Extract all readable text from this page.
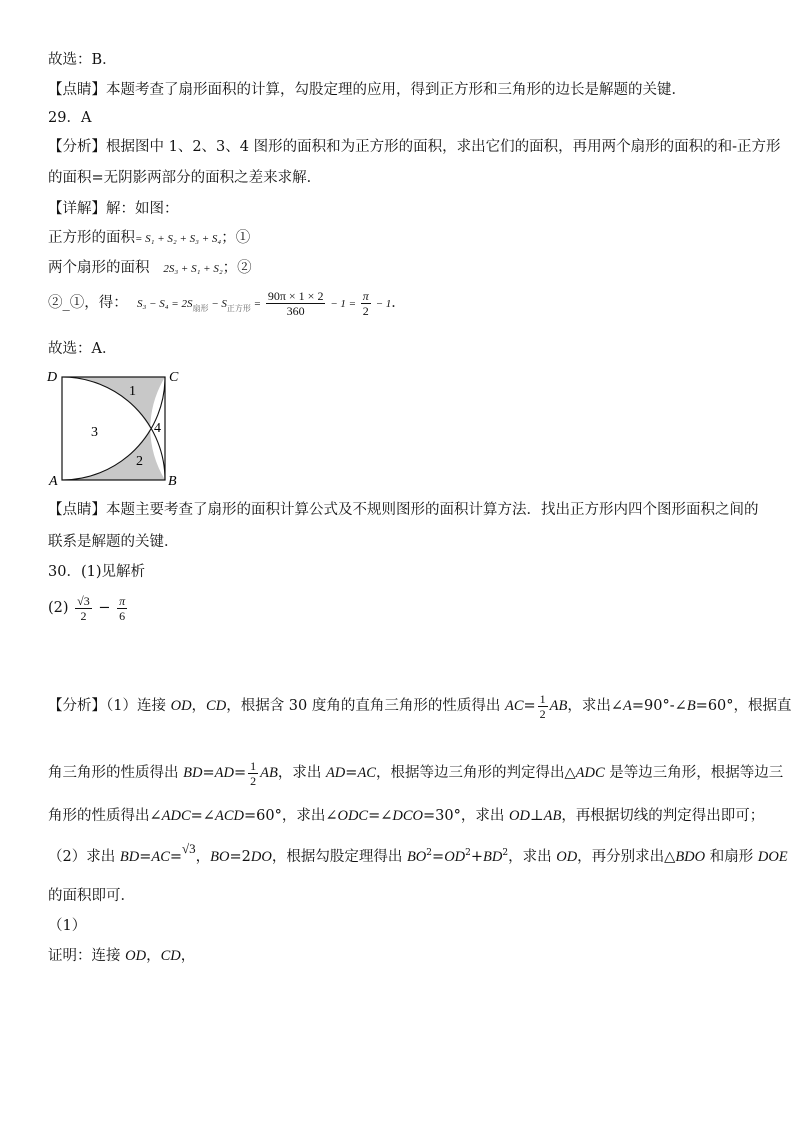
故选：B．
【点睛】本题考查了扇形面积的计算，勾股定理的应用，得到正方形和三角形的边长是解题的关键．
29．A
【分析】根据图中 1、2、3、4 图形的面积和为正方形的面积，求出它们的面积，再用两个扇形的面积的和-正方形
的面积=无阴影两部分的面积之差来求解．
【详解】解：如图：
正方形的面积= S₁ + S₂ + S₃ + S₄；①
两个扇形的面积 2S₃ + S₁ + S₂；②
②_①，得： $S_3 - S_4 = 2S_{扇形} - S_{正方形} = \frac{90\pi \times 1 \times 2}{360} - 1 = \frac{\pi}{2} - 1$．
故选：A．
D	C
A	B
1
2
3	4
【点睛】本题主要考查了扇形的面积计算公式及不规则图形的面积计算方法．找出正方形内四个图形面积之间的
联系是解题的关键．
30．(1)见解析
$(2) \frac{√3}{2} - \frac{\pi}{6}$
【分析】（1）连接 OD，CD，根据含 30 度角的直角三角形的性质得出 $AC= \frac{1}{2}$ AB，求出∠A=90°-∠B=60°，根据直
角三角形的性质得出 $BD=AD= \frac{1}{2}$ AB，求出 AD=AC，根据等边三角形的判定得出△ADC 是等边三角形，根据等边三
角形的性质得出∠ADC=∠ACD=60°，求出∠ODC=∠DCO=30°，求出 OD⊥AB，再根据切线的判定得出即可；
（2）求出 BD=AC=√3，BO=2DO，根据勾股定理得出 $BO^2=OD^2+BD^2$，求出 OD，再分别求出△BDO 和扇形 DOE
的面积即可．
（1）
证明：连接 OD，CD，
